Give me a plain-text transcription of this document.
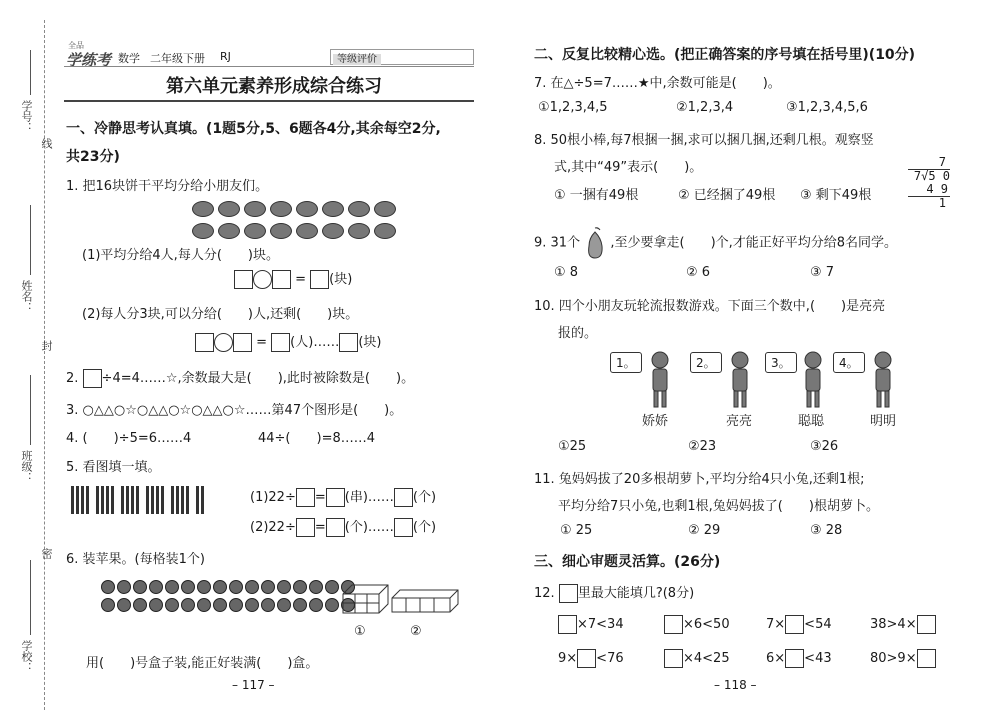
学号：
姓名：
班级：
学校：
线
封
密
全品
学练考 数学 二年级下册 RJ	等级评价
第六单元素养形成综合练习
一、冷静思考认真填。(1题5分,5、6题各4分,其余每空2分,
共23分)
1. 把16块饼干平均分给小朋友们。

(1)平均分给4人,每人分(　　)块。
= (块)
(2)每人分3块,可以分给(　　)人,还剩(　　)块。
= (人)…… (块)
2. ÷4=4……☆,余数最大是(　　),此时被除数是(　　)。
3. ○△△○☆○△△○☆○△△○☆……第47个图形是(　　)。
4. (　　)÷5=6……4	44÷(　　)=8……4
5. 看图填一填。
(1)22÷ = (串)…… (个)
(2)22÷ = (个)…… (个)
6. 装苹果。(每格装1个)

①	②
用(　　)号盒子装,能正好装满(　　)盒。
– 117 –
二、反复比较精心选。(把正确答案的序号填在括号里)(10分)
7. 在△÷5=7……★中,余数可能是(　　)。
①1,2,3,4,5	②1,2,3,4	③1,2,3,4,5,6
8. 50根小棒,每7根捆一捆,求可以捆几捆,还剩几根。观察竖
式,其中“49”表示(　　)。
① 一捆有49根	② 已经捆了49根 ③ 剩下49根
7
7√5 0
4 9
1
9. 31个 ,至少要拿走(　　)个,才能正好平均分给8名同学。
① 8	② 6	③ 7
10. 四个小朋友玩轮流报数游戏。下面三个数中,(　　)是亮亮
报的。
1。	2。	3。	4。
娇娇	亮亮	聪聪	明明
①25	②23	③26
11. 兔妈妈拔了20多根胡萝卜,平均分给4只小兔,还剩1根;
平均分给7只小兔,也剩1根,兔妈妈拔了(　　)根胡萝卜。
① 25	② 29	③ 28
三、细心审题灵活算。(26分)
12. 里最大能填几?(8分)
×7<34	×6<50	7× <54	38>4×
9× <76	×4<25	6× <43	80>9×
– 118 –
